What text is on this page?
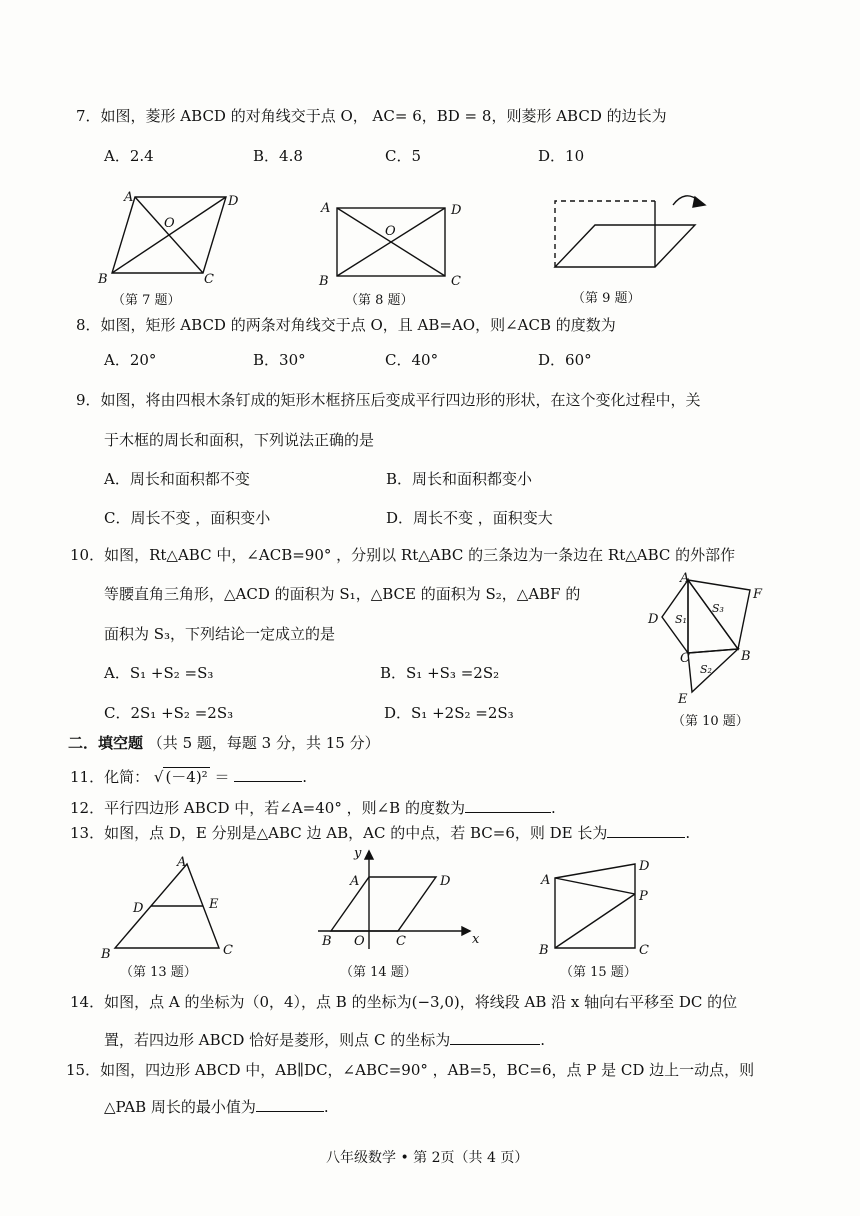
7．如图，菱形 ABCD 的对角线交于点 O， AC= 6，BD = 8，则菱形 ABCD 的边长为
A．2.4	B．4.8	C．5	D．10
A	D
B	C
O
（第 7 题）
A	D
B	C
O
（第 8 题）	（第 9 题）
8．如图，矩形 ABCD 的两条对角线交于点 O，且 AB=AO，则∠ACB 的度数为
A．20°	B．30°	C．40°	D．60°
9．如图，将由四根木条钉成的矩形木框挤压后变成平行四边形的形状，在这个变化过程中，关
于木框的周长和面积，下列说法正确的是
A．周长和面积都不变	B．周长和面积都变小
C．周长不变 ，面积变小	D．周长不变 ，面积变大
10．如图，Rt△ABC 中，∠ACB=90° ，分别以 Rt△ABC 的三条边为一条边在 Rt△ABC 的外部作
等腰直角三角形，△ACD 的面积为 S₁，△BCE 的面积为 S₂，△ABF 的
面积为 S₃，下列结论一定成立的是
A．S₁ +S₂ =S₃	B．S₁ +S₃ =2S₂
C．2S₁ +S₂ =2S₃	D．S₁ +2S₂ =2S₃
A
D
F
C	B
E
S₁
S₃
S₂
（第 10 题）
二．填空题 （共 5 题，每题 3 分，共 15 分）
11．化简： √ (－4)² ＝	.
12．平行四边形 ABCD 中，若∠A=40° ，则∠B 的度数为	.
13．如图，点 D，E 分别是△ABC 边 AB，AC 的中点，若 BC=6，则 DE 长为	.
A
D	E
B	C
（第 13 题）
y
x
A	D
B O C
（第 14 题）
A
D
P
B	C
（第 15 题）
14．如图，点 A 的坐标为（0，4），点 B 的坐标为(−3,0)，将线段 AB 沿 x 轴向右平移至 DC 的位
置，若四边形 ABCD 恰好是菱形，则点 C 的坐标为	.
15．如图，四边形 ABCD 中，AB∥DC，∠ABC=90° ，AB=5，BC=6，点 P 是 CD 边上一动点，则
△PAB 周长的最小值为	.
八年级数学 • 第 2页（共 4 页）
